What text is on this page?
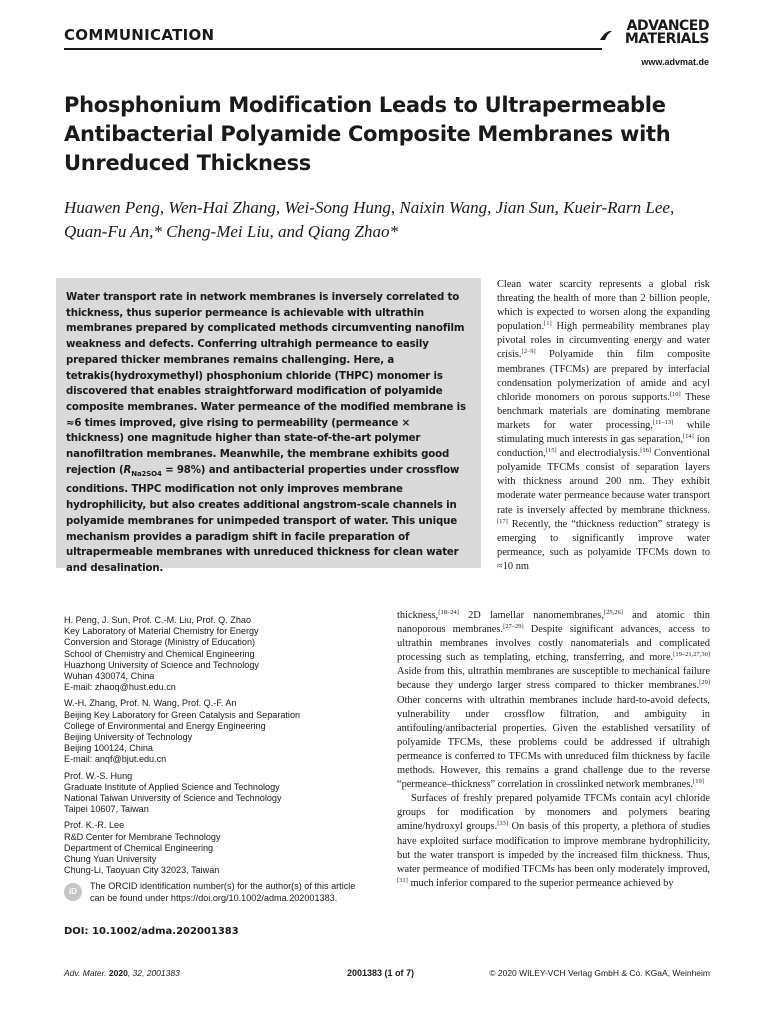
COMMUNICATION	ADVANCED
MATERIALS
www.advmat.de
Phosphonium Modification Leads to Ultrapermeable Antibacterial Polyamide Composite Membranes with Unreduced Thickness
Huawen Peng, Wen-Hai Zhang, Wei-Song Hung, Naixin Wang, Jian Sun, Kueir-Rarn Lee, Quan-Fu An,* Cheng-Mei Liu, and Qiang Zhao*

Water transport rate in network membranes is inversely correlated to thickness, thus superior permeance is achievable with ultrathin membranes prepared by complicated methods circumventing nanofilm weakness and defects. Conferring ultrahigh permeance to easily prepared thicker membranes remains challenging. Here, a tetrakis(hydroxymethyl) phosphonium chloride (THPC) monomer is discovered that enables straightforward modification of polyamide composite membranes. Water permeance of the modified membrane is ≈6 times improved, give rising to permeability (permeance × thickness) one magnitude higher than state-of-the-art polymer nanofiltration membranes. Meanwhile, the membrane exhibits good rejection $(R_{Na2SO4} = 98\%)$ and antibacterial properties under crossflow conditions. THPC modification not only improves membrane hydrophilicity, but also creates additional angstrom-scale channels in polyamide membranes for unimpeded transport of water. This unique mechanism provides a paradigm shift in facile preparation of ultrapermeable membranes with unreduced thickness for clean water and desalination.

Clean water scarcity represents a global risk threating the health of more than 2 billion people, which is expected to worsen along the expanding population.[1] High permeability membranes play pivotal roles in circumventing energy and water crisis.[2–9] Polyamide thin film composite membranes (TFCMs) are prepared by interfacial condensation polymerization of amide and acyl chloride monomers on porous supports.[10] These benchmark materials are dominating membrane markets for water processing,[11–13] while stimulating much interests in gas separation,[14] ion conduction,[15] and electrodialysis.[16] Conventional polyamide TFCMs consist of separation layers with thickness around 200 nm. They exhibit moderate water permeance because water transport rate is inversely affected by membrane thickness.[17] Recently, the “thickness reduction” strategy is emerging to significantly improve water permeance, such as polyamide TFCMs down to ≈10 nm

thickness,[18–24] 2D lamellar nanomembranes,[25,26] and atomic thin nanoporous membranes.[27–29] Despite significant advances, access to ultrathin membranes involves costly nanomaterials and complicated processing such as templating, etching, transferring, and more.[19–21,27,30] Aside from this, ultrathin membranes are susceptible to mechanical failure because they undergo larger stress compared to thicker membranes.[29] Other concerns with ultrathin membranes include hard-to-avoid defects, vulnerability under crossflow filtration, and ambiguity in antifouling/antibacterial properties. Given the established versatility of polyamide TFCMs, these problems could be addressed if ultrahigh permeance is conferred to TFCMs with unreduced film thickness by facile methods. However, this remains a grand challenge due to the reverse “permeance–thickness” correlation in crosslinked network membranes.[19]

Surfaces of freshly prepared polyamide TFCMs contain acyl chloride groups for modification by monomers and polymers bearing amine/hydroxyl groups.[33] On basis of this property, a plethora of studies have exploited surface modification to improve membrane hydrophilicity, but the water transport is impeded by the increased film thickness. Thus, water permeance of modified TFCMs has been only moderately improved,[31] much inferior compared to the superior permeance achieved by

H. Peng, J. Sun, Prof. C.-M. Liu, Prof. Q. Zhao
Key Laboratory of Material Chemistry for Energy
Conversion and Storage (Ministry of Education)
School of Chemistry and Chemical Engineering
Huazhong University of Science and Technology
Wuhan 430074, China
E-mail: zhaoq@hust.edu.cn
W.-H. Zhang, Prof. N. Wang, Prof. Q.-F. An
Beijing Key Laboratory for Green Catalysis and Separation
College of Environmental and Energy Engineering
Beijing University of Technology
Beijing 100124, China
E-mail: anqf@bjut.edu.cn
Prof. W.-S. Hung
Graduate Institute of Applied Science and Technology
National Taiwan University of Science and Technology
Taipei 10607, Taiwan
Prof. K.-R. Lee
R&D Center for Membrane Technology
Department of Chemical Engineering
Chung Yuan University
Chung-Li, Taoyuan City 32023, Taiwan
iD
The ORCID identification number(s) for the author(s) of this article
can be found under https://doi.org/10.1002/adma.202001383.
DOI: 10.1002/adma.202001383
Adv. Mater. 2020, 32, 2001383	2001383 (1 of 7)	© 2020 WILEY-VCH Verlag GmbH & Co. KGaA, Weinheim
